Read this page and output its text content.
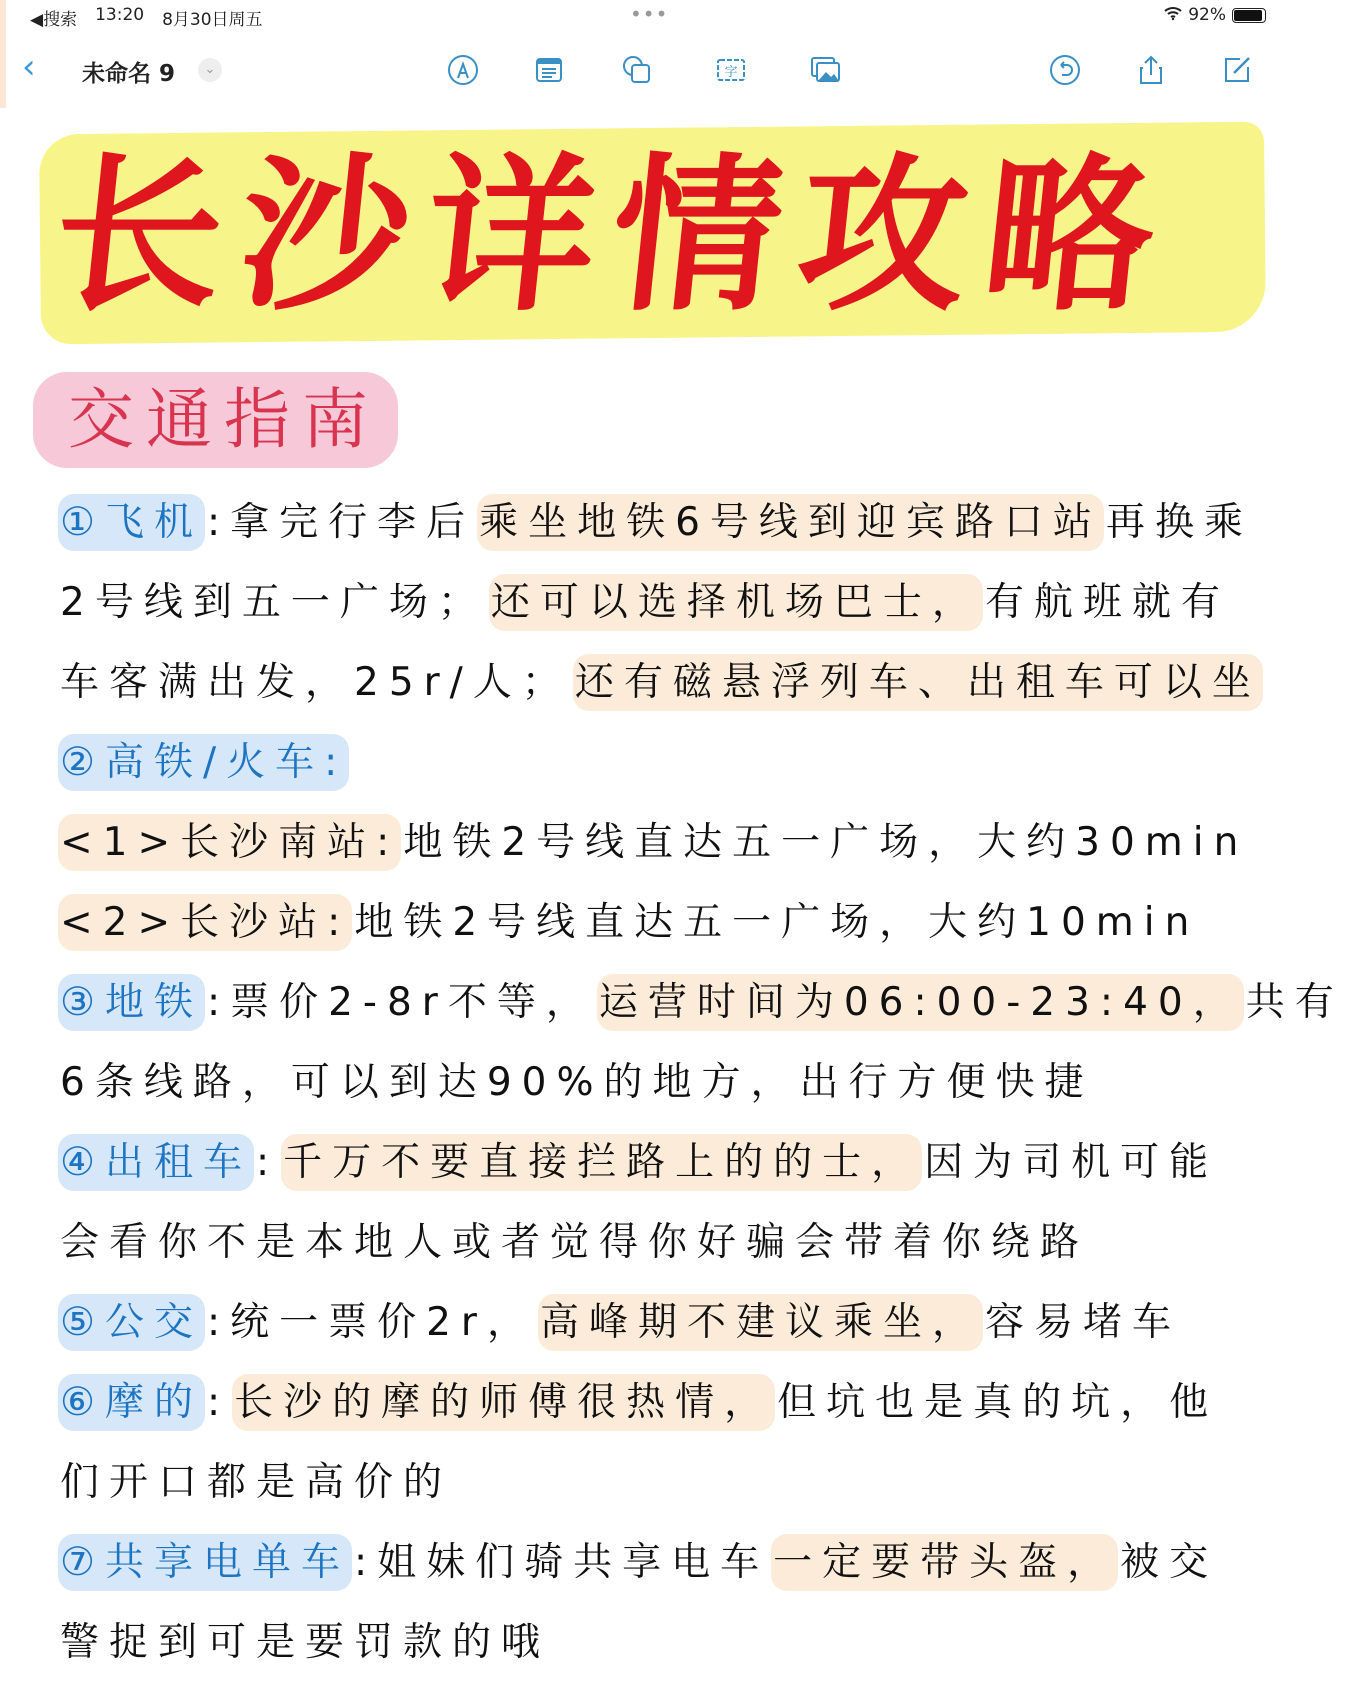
◀搜索 13:20 8月30日周五	•••	92%
‹ 未命名 9	⌄	字
长沙详情攻略
交通指南
①飞机 :拿完行李后 乘坐地铁6号线到迎宾路口站 再换乘
2号线到五一广场； 还可以选择机场巴士， 有航班就有
车客满出发，25r/人； 还有磁悬浮列车、出租车可以坐
②高铁/火车:
<1>长沙南站: 地铁2号线直达五一广场，大约30min
<2>长沙站: 地铁2号线直达五一广场，大约10min
③地铁 :票价2-8r不等， 运营时间为06:00-23:40， 共有
6条线路，可以到达90%的地方，出行方便快捷
④出租车 : 千万不要直接拦路上的的士， 因为司机可能
会看你不是本地人或者觉得你好骗会带着你绕路
⑤公交 :统一票价2r， 高峰期不建议乘坐， 容易堵车
⑥摩的 : 长沙的摩的师傅很热情， 但坑也是真的坑，他
们开口都是高价的
⑦共享电单车 :姐妹们骑共享电车 一定要带头盔， 被交
警捉到可是要罚款的哦
